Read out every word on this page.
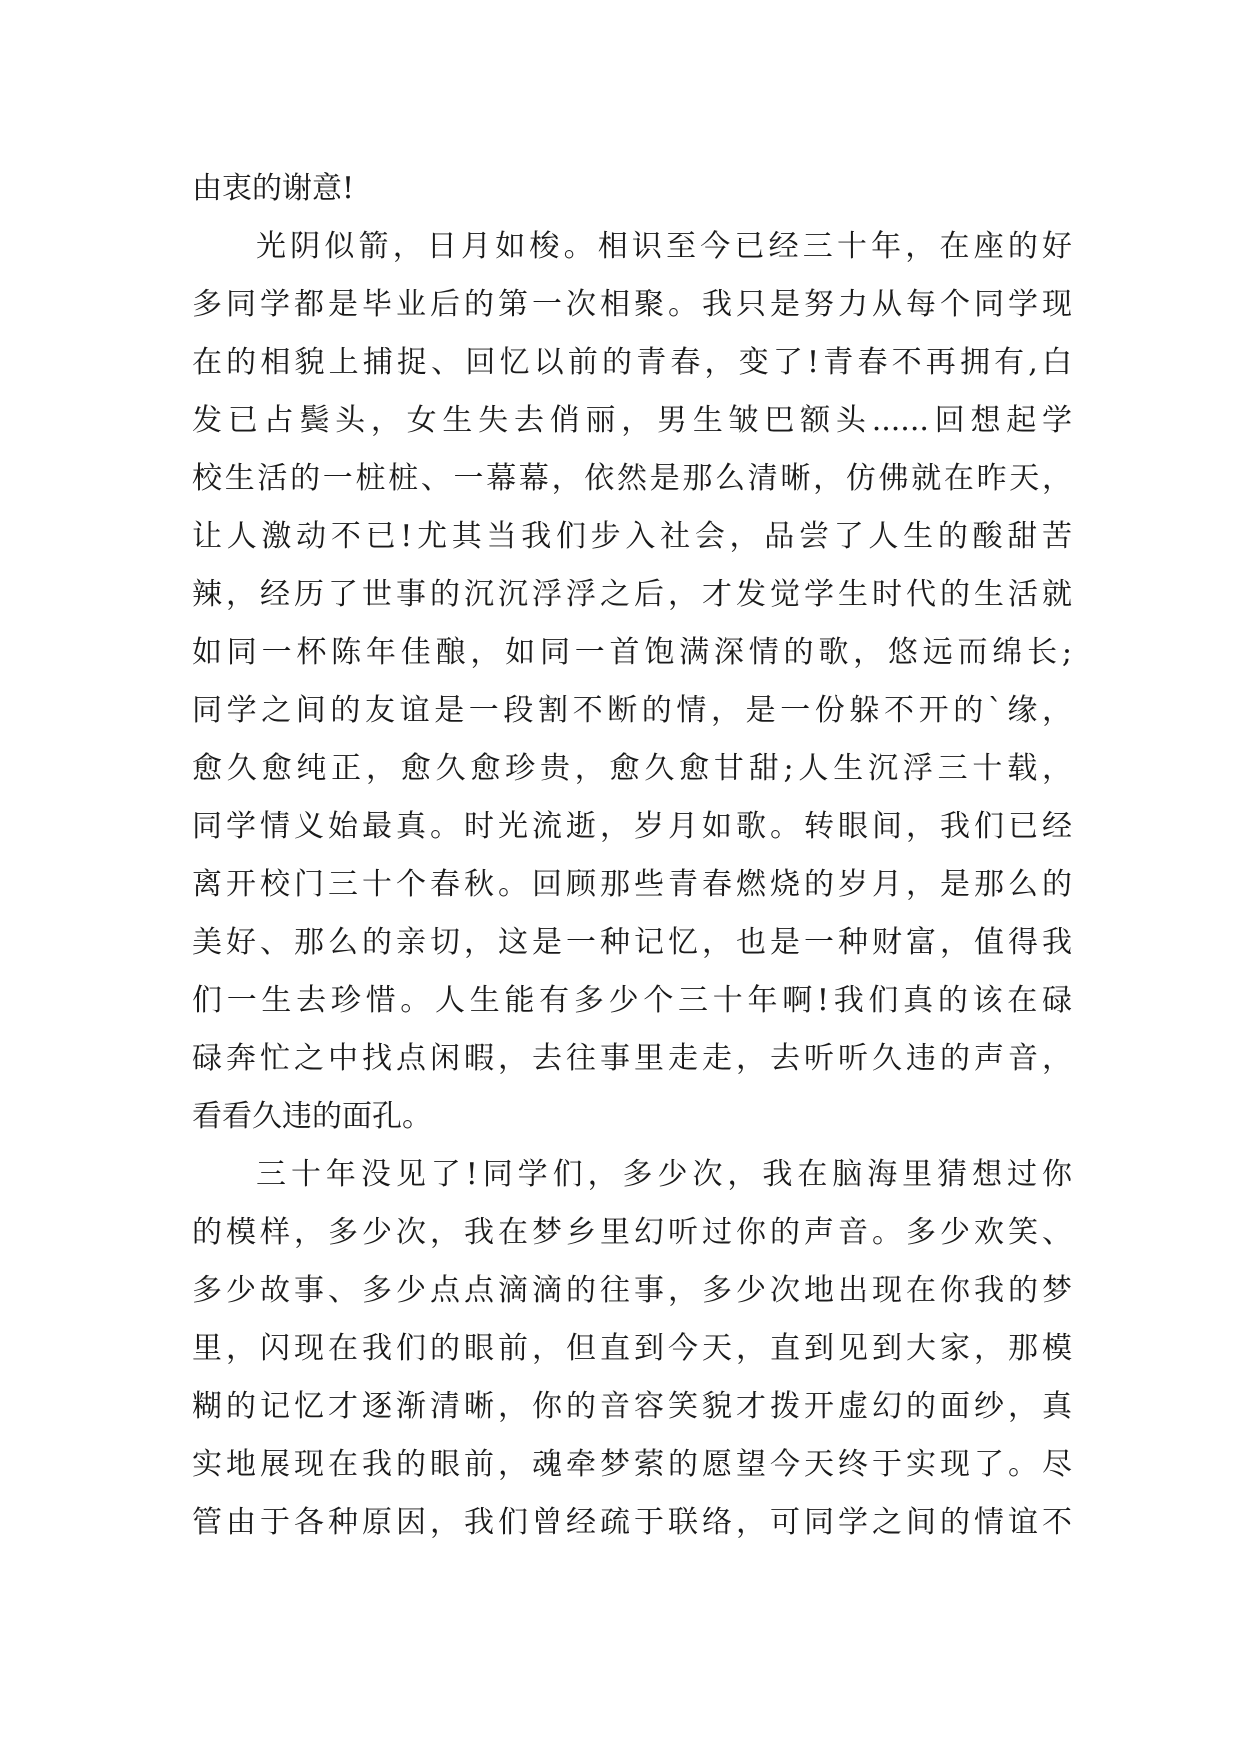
由衷的谢意!
光阴似箭，日月如梭。相识至今已经三十年，在座的好
多同学都是毕业后的第一次相聚。我只是努力从每个同学现
在的相貌上捕捉、回忆以前的青春，变了!青春不再拥有,白
发已占鬓头，女生失去俏丽，男生皱巴额头......回想起学
校生活的一桩桩、一幕幕，依然是那么清晰，仿佛就在昨天，
让人激动不已!尤其当我们步入社会，品尝了人生的酸甜苦
辣，经历了世事的沉沉浮浮之后，才发觉学生时代的生活就
如同一杯陈年佳酿，如同一首饱满深情的歌，悠远而绵长;
同学之间的友谊是一段割不断的情，是一份躲不开的`缘，
愈久愈纯正，愈久愈珍贵，愈久愈甘甜;人生沉浮三十载，
同学情义始最真。时光流逝，岁月如歌。转眼间，我们已经
离开校门三十个春秋。回顾那些青春燃烧的岁月，是那么的
美好、那么的亲切，这是一种记忆，也是一种财富，值得我
们一生去珍惜。人生能有多少个三十年啊!我们真的该在碌
碌奔忙之中找点闲暇，去往事里走走，去听听久违的声音，
看看久违的面孔。
三十年没见了!同学们，多少次，我在脑海里猜想过你
的模样，多少次，我在梦乡里幻听过你的声音。多少欢笑、
多少故事、多少点点滴滴的往事，多少次地出现在你我的梦
里，闪现在我们的眼前，但直到今天，直到见到大家，那模
糊的记忆才逐渐清晰，你的音容笑貌才拨开虚幻的面纱，真
实地展现在我的眼前，魂牵梦萦的愿望今天终于实现了。尽
管由于各种原因，我们曾经疏于联络，可同学之间的情谊不
